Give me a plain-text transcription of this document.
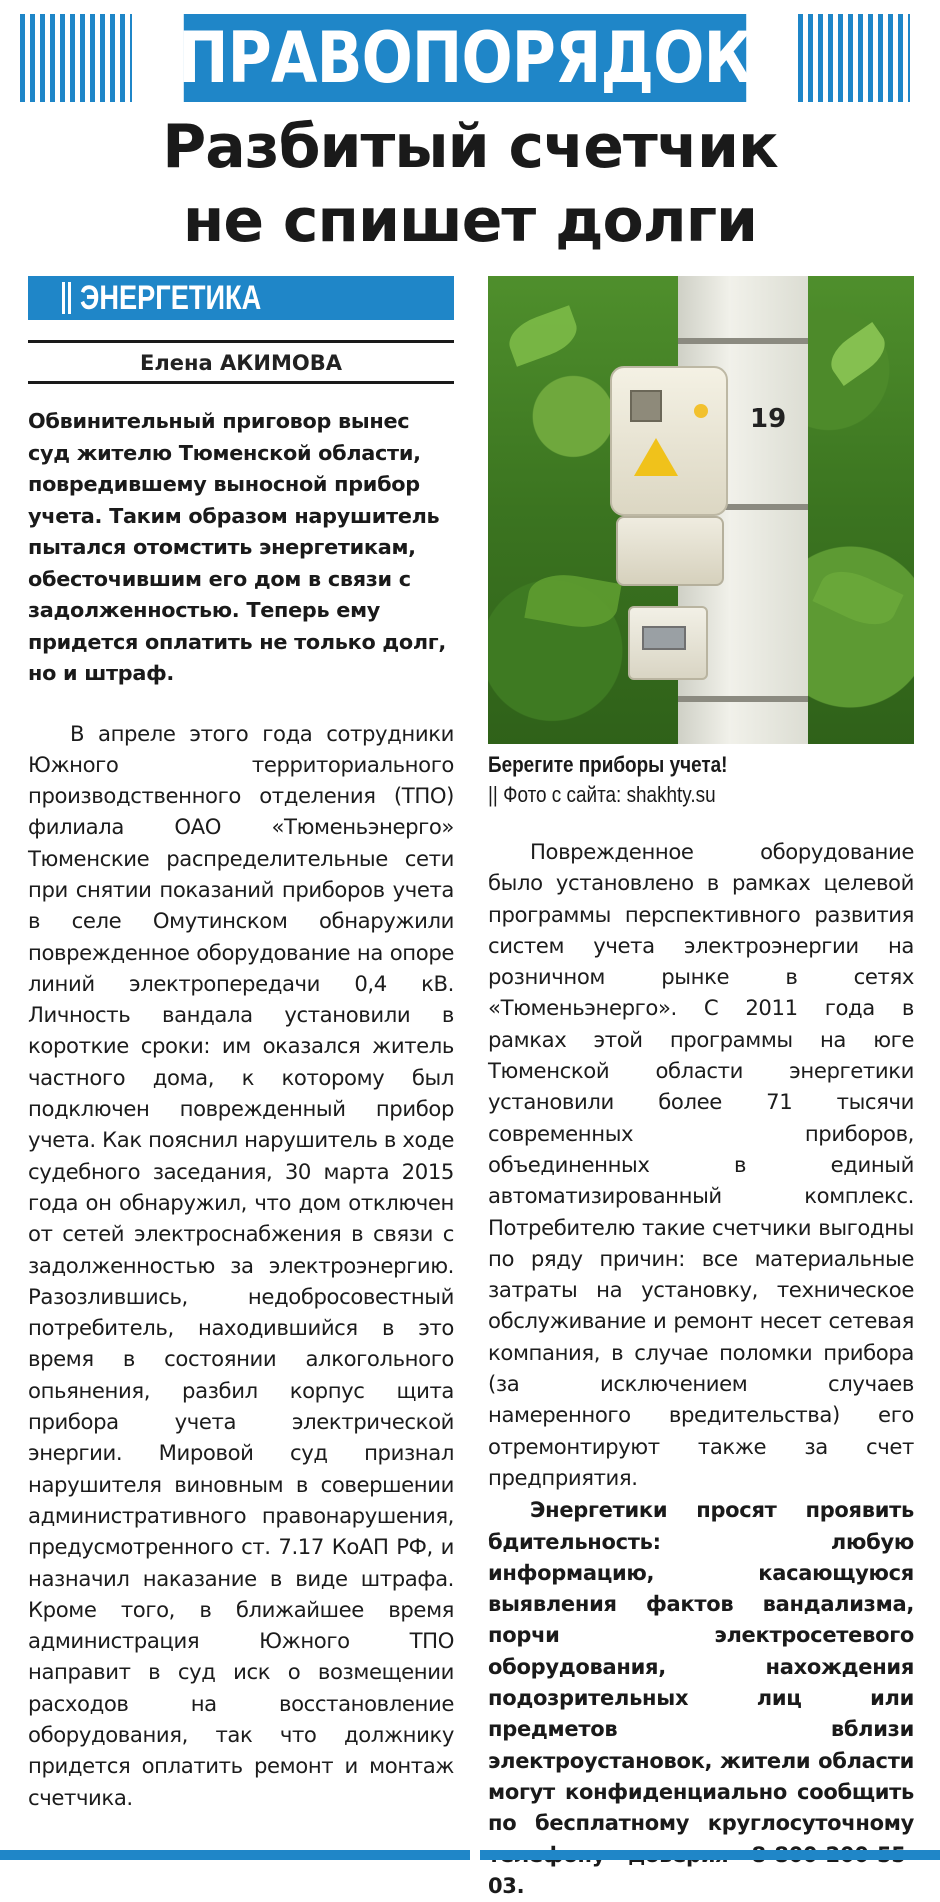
ПРАВОПОРЯДОК
Разбитый счетчик
не спишет долги
ЭНЕРГЕТИКА
Елена АКИМОВА

Обвинительный приговор вынес суд жителю Тюменской области, повредившему выносной прибор учета. Таким образом нарушитель пытался отомстить энергетикам, обесточившим его дом в связи с задолженностью. Теперь ему придется оплатить не только долг, но и штраф.

В апреле этого года сотрудники Южного территориального производственного отделения (ТПО) филиала ОАО «Тюменьэнерго» Тюменские распределительные сети при снятии показаний приборов учета в селе Омутинском обнаружили поврежденное оборудование на опоре линий электропередачи 0,4 кВ. Личность вандала установили в короткие сроки: им оказался житель частного дома, к которому был подключен поврежденный прибор учета. Как пояснил нарушитель в ходе судебного заседания, 30 марта 2015 года он обнаружил, что дом отключен от сетей электроснабжения в связи с задолженностью за электроэнергию. Разозлившись, недобросовестный потребитель, находившийся в это время в состоянии алкогольного опьянения, разбил корпус щита прибора учета электрической энергии. Мировой суд признал нарушителя виновным в совершении административного правонарушения, предусмотренного ст. 7.17 КоАП РФ, и назначил наказание в виде штрафа. Кроме того, в ближайшее время администрация Южного ТПО направит в суд иск о возмещении расходов на восстановление оборудования, так что должнику придется оплатить ремонт и монтаж счетчика.

19
Берегите приборы учета!
|| Фото с сайта: shakhty.su

Поврежденное оборудование было установлено в рамках целевой программы перспективного развития систем учета электроэнергии на розничном рынке в сетях «Тюменьэнерго». С 2011 года в рамках этой программы на юге Тюменской области энергетики установили более 71 тысячи современных приборов, объединенных в единый автоматизированный комплекс. Потребителю такие счетчики выгодны по ряду причин: все материальные затраты на установку, техническое обслуживание и ремонт несет сетевая компания, в случае поломки прибора (за исключением случаев намеренного вредительства) его отремонтируют также за счет предприятия.

Энергетики просят проявить бдительность: любую информацию, касающуюся выявления фактов вандализма, порчи электросетевого оборудования, нахождения подозрительных лиц или предметов вблизи электроустановок, жители области могут конфиденциально сообщить по бесплатному круглосуточному 03.
